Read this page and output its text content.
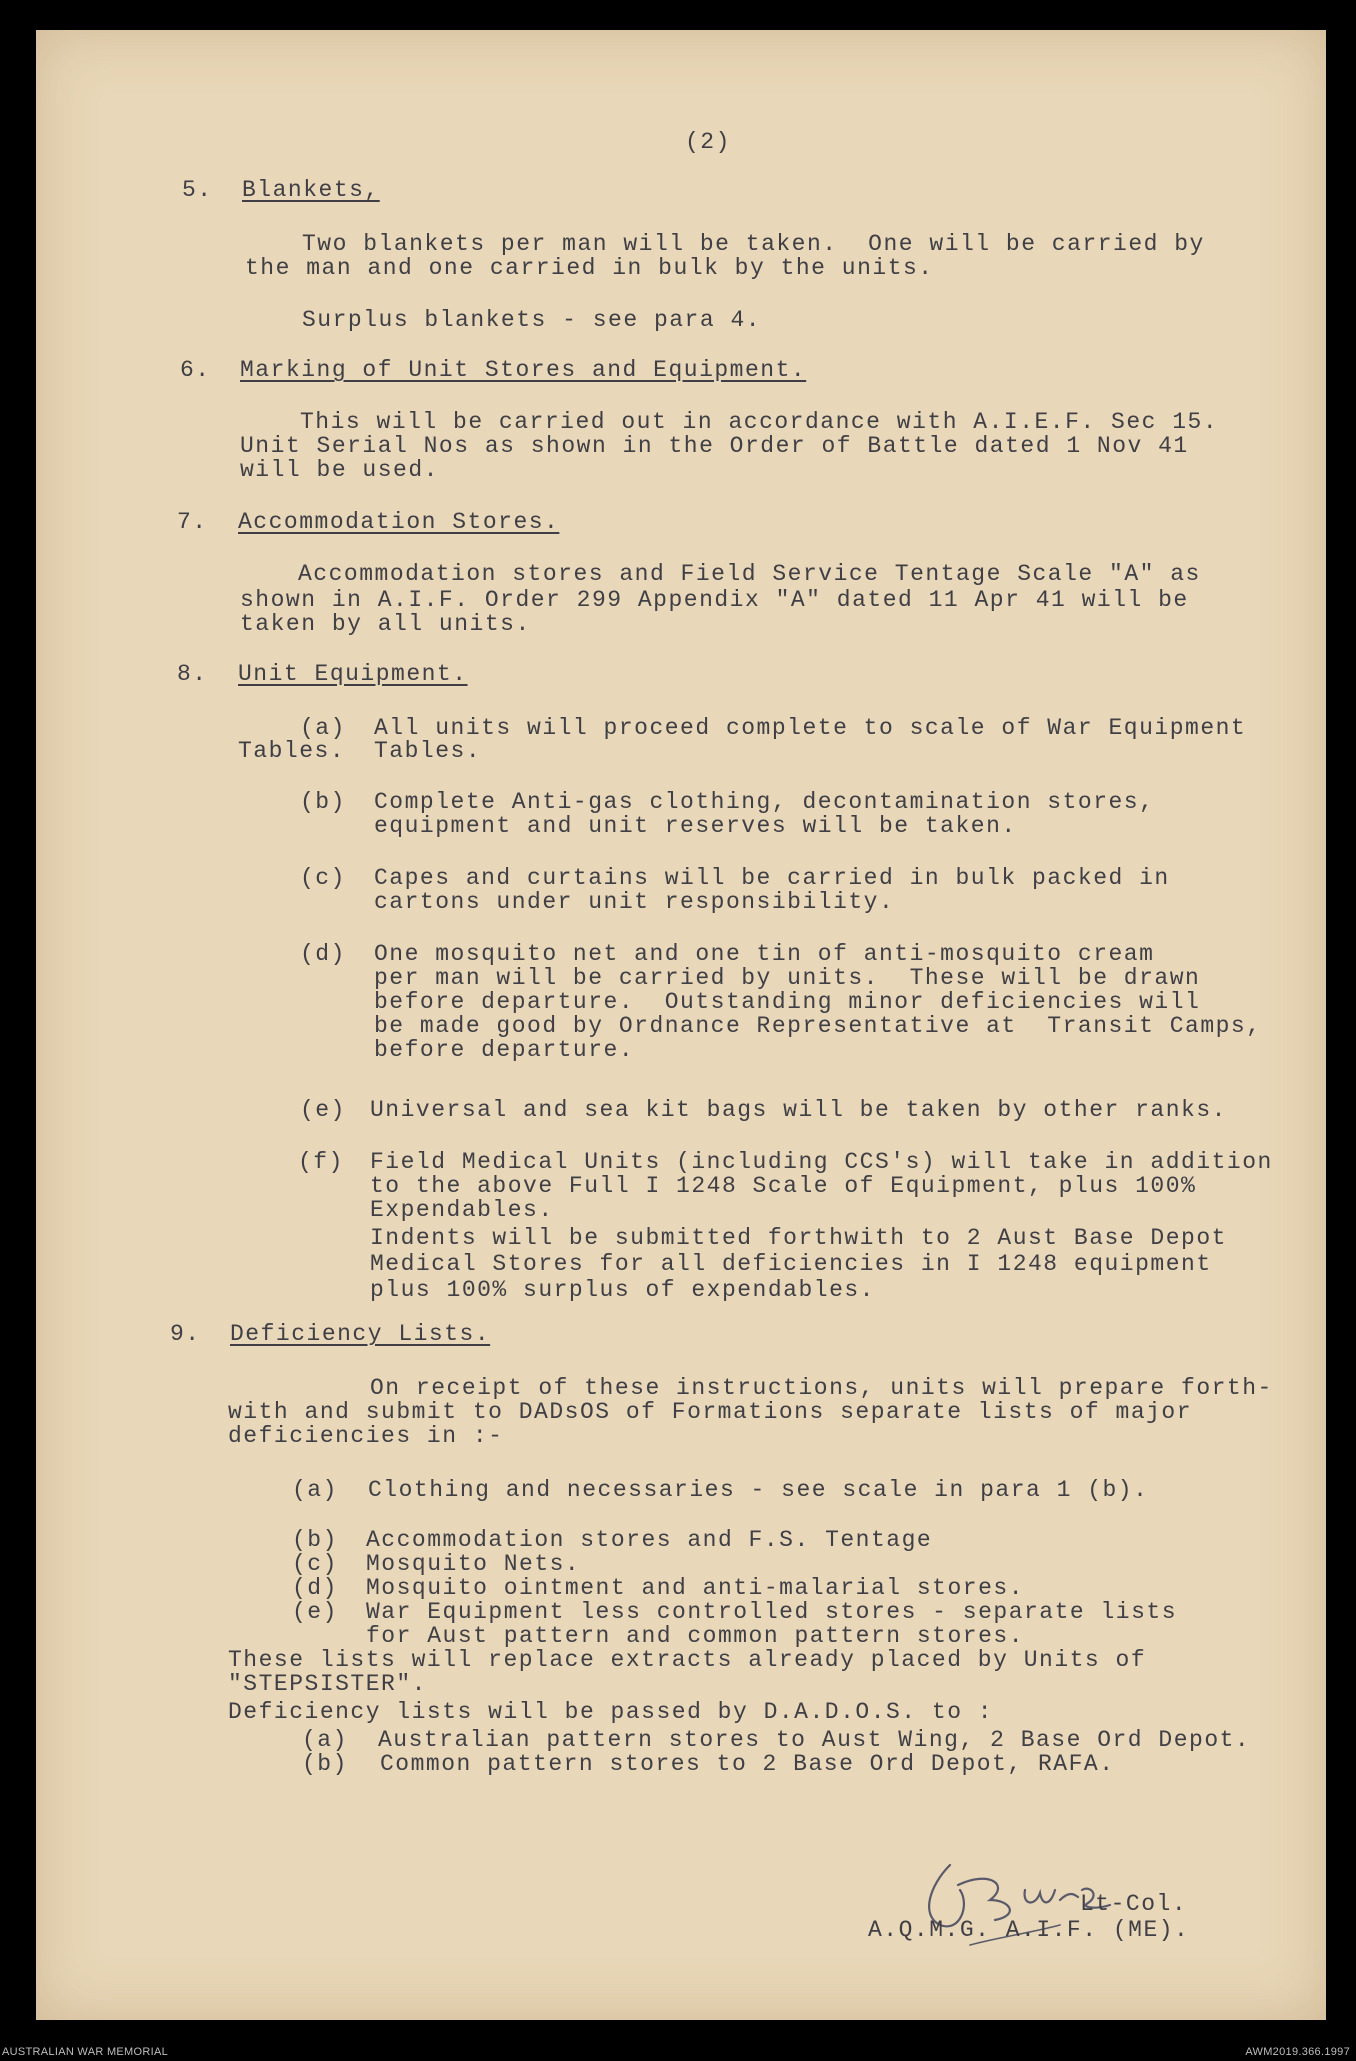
(2)
5. Blankets,
Two blankets per man will be taken.  One will be carried by
the man and one carried in bulk by the units.
Surplus blankets - see para 4.
6. Marking of Unit Stores and Equipment.
This will be carried out in accordance with A.I.E.F. Sec 15.
Unit Serial Nos as shown in the Order of Battle dated 1 Nov 41
will be used.
7. Accommodation Stores.
Accommodation stores and Field Service Tentage Scale "A" as
shown in A.I.F. Order 299 Appendix "A" dated 11 Apr 41 will be
taken by all units.
8. Unit Equipment.
(a) All units will proceed complete to scale of War Equipment
Tables. Tables.
(b) Complete Anti-gas clothing, decontamination stores,
equipment and unit reserves will be taken.
(c) Capes and curtains will be carried in bulk packed in
cartons under unit responsibility.
(d) One mosquito net and one tin of anti-mosquito cream
per man will be carried by units.  These will be drawn
before departure.  Outstanding minor deficiencies will
be made good by Ordnance Representative at  Transit Camps,
before departure.
(e) Universal and sea kit bags will be taken by other ranks.
(f) Field Medical Units (including CCS's) will take in addition
to the above Full I 1248 Scale of Equipment, plus 100%
Expendables.
Indents will be submitted forthwith to 2 Aust Base Depot
Medical Stores for all deficiencies in I 1248 equipment
plus 100% surplus of expendables.
9. Deficiency Lists.
On receipt of these instructions, units will prepare forth-
with and submit to DADsOS of Formations separate lists of major
deficiencies in :-
(a) Clothing and necessaries - see scale in para 1 (b).
(b) Accommodation stores and F.S. Tentage
(c) Mosquito Nets.
(d) Mosquito ointment and anti-malarial stores.
(e) War Equipment less controlled stores - separate lists
for Aust pattern and common pattern stores.
These lists will replace extracts already placed by Units of
"STEPSISTER".
Deficiency lists will be passed by D.A.D.O.S. to :
(a) Australian pattern stores to Aust Wing, 2 Base Ord Depot.
(b) Common pattern stores to 2 Base Ord Depot, RAFA.
Lt-Col.
A.Q.M.G. A.I.F. (ME).
AUSTRALIAN WAR MEMORIAL	AWM2019.366.1997
